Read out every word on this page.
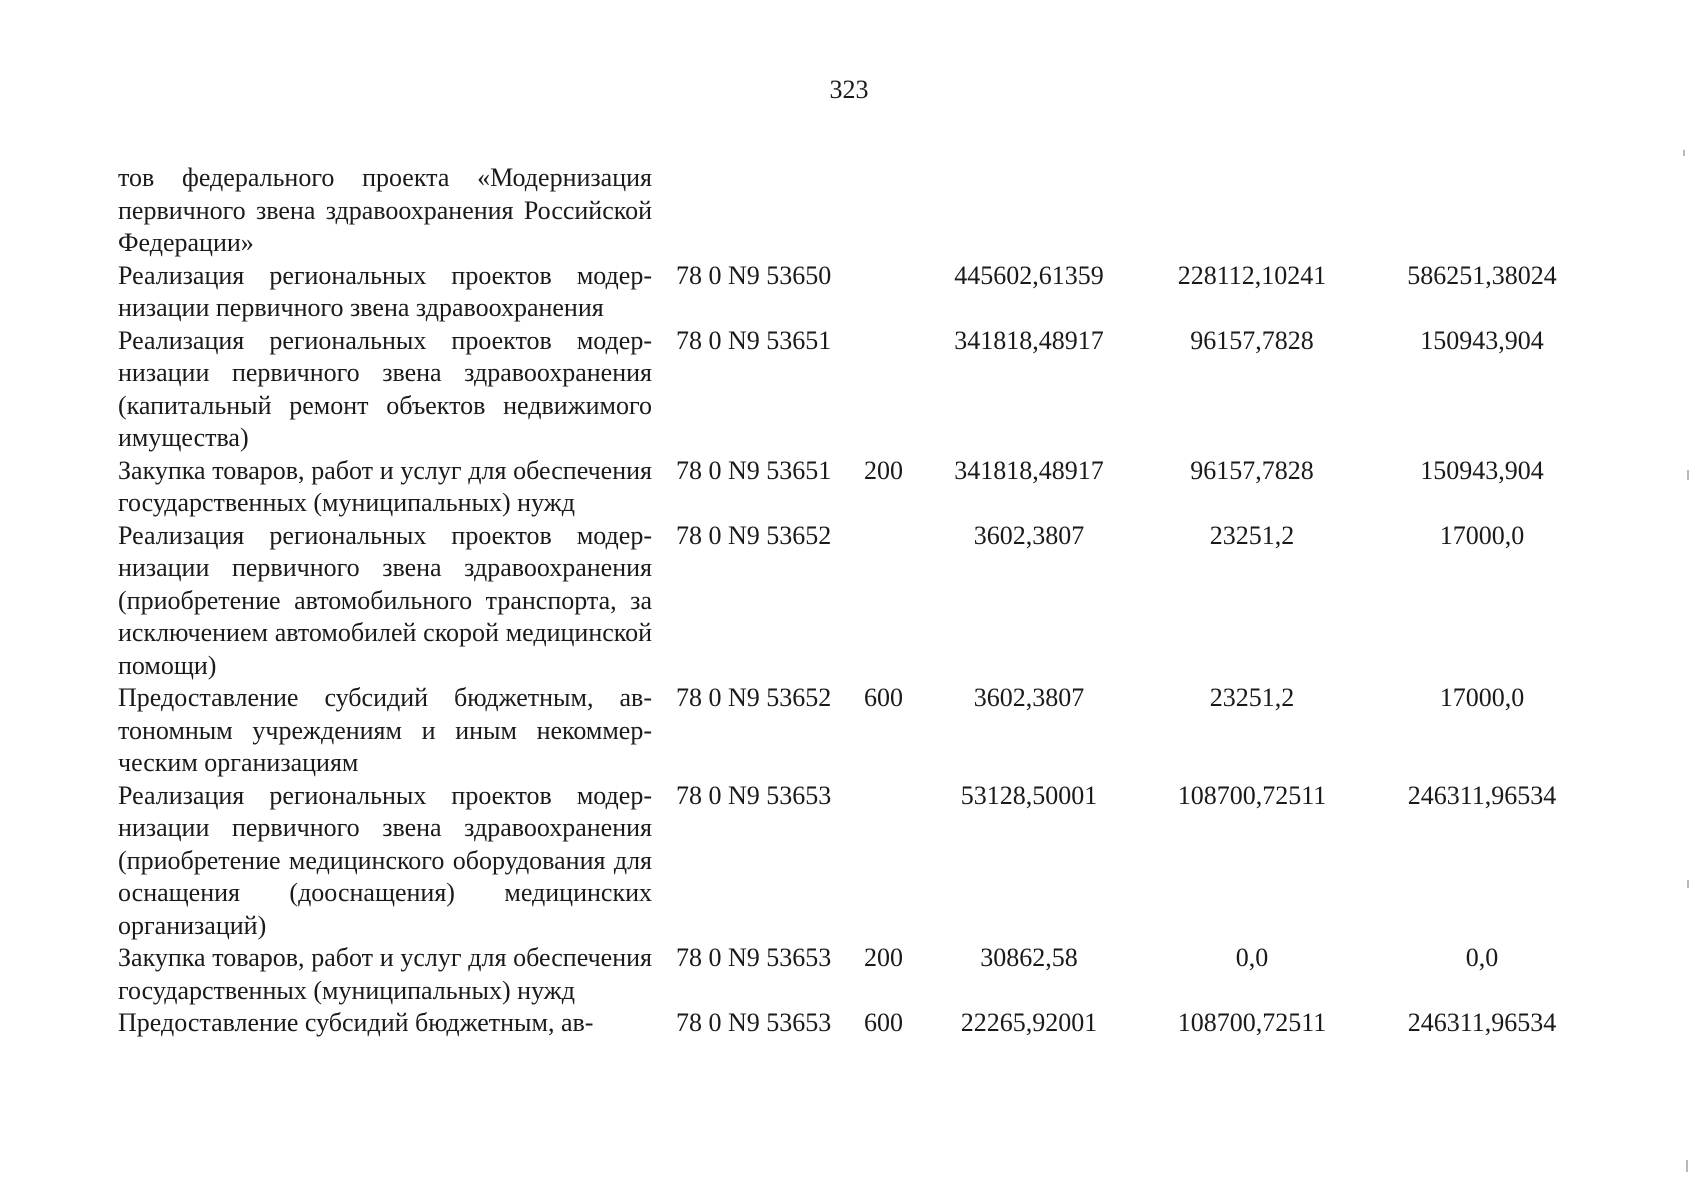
323
тов федерального проекта «Модернизация первичного звена здравоохранения Российской Федерации»						
Реализация региональных проектов модернизации первичного звена здравоохранения		78 0 N9 53650		445602,61359	228112,10241	586251,38024
Реализация региональных проектов модернизации первичного звена здравоохранения (капитальный ремонт объектов недвижимого имущества)		78 0 N9 53651		341818,48917	96157,7828	150943,904
Закупка товаров, работ и услуг для обеспечения государственных (муниципальных) нужд		78 0 N9 53651	200	341818,48917	96157,7828	150943,904
Реализация региональных проектов модернизации первичного звена здравоохранения (приобретение автомобильного транспорта, за исключением автомобилей скорой медицинской помощи)		78 0 N9 53652		3602,3807	23251,2	17000,0
Предоставление субсидий бюджетным, автономным учреждениям и иным некоммерческим организациям		78 0 N9 53652	600	3602,3807	23251,2	17000,0
Реализация региональных проектов модернизации первичного звена здравоохранения (приобретение медицинского оборудования для оснащения (дооснащения) медицинских организаций)		78 0 N9 53653		53128,50001	108700,72511	246311,96534
Закупка товаров, работ и услуг для обеспечения государственных (муниципальных) нужд		78 0 N9 53653	200	30862,58	0,0	0,0
Предоставление субсидий бюджетным, ав-		78 0 N9 53653	600	22265,92001	108700,72511	246311,96534
